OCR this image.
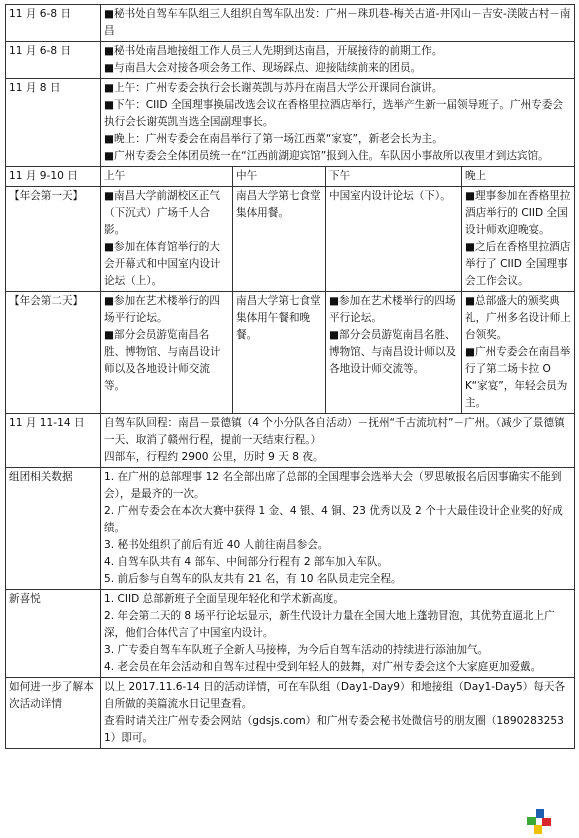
11 月 6-8 日	■秘书处自驾车车队组三人组织自驾车队出发：广州－珠玑巷-梅关古道-井冈山－吉安-渼陂古村－南昌			

11 月 6-8 日	■秘书处南昌地接组工作人员三人先期到达南昌，开展接待的前期工作。
■与南昌大会对接各项会务工作、现场踩点、迎接陆续前来的团员。			

11 月 8 日	■上午：广州专委会执行会长谢英凯与苏丹在南昌大学公开课同台演讲。
■下午：CIID 全国理事换届改选会议在香格里拉酒店举行，选举产生新一届领导班子。广州专委会执行会长谢英凯当选全国副理事长。
■晚上：广州专委会在南昌举行了第一场江西菜“家宴”，新老会长为主。
■广州专委会全体团员统一在“江西前湖迎宾馆”报到入住。车队因小事故所以夜里才到达宾馆。			

11 月 9-10 日	上午	中午	下午	晚上
【年会第一天】	■南昌大学前湖校区正气（下沉式）广场千人合影。
■参加在体育馆举行的大会开幕式和中国室内设计论坛（上）。	南昌大学第七食堂集体用餐。	中国室内设计论坛（下）。	■理事参加在香格里拉酒店举行的 CIID 全国设计师欢迎晚宴。
■之后在香格里拉酒店举行了 CIID 全国理事会工作会议。

【年会第二天】	■参加在艺术楼举行的四场平行论坛。
■部分会员游览南昌名胜、博物馆、与南昌设计师以及各地设计师交流等。	南昌大学第七食堂集体用午餐和晚餐。	■参加在艺术楼举行的四场平行论坛。
■部分会员游览南昌名胜、博物馆、与南昌设计师以及各地设计师交流等。	■总部盛大的颁奖典礼，广州多名设计师上台领奖。
■广州专委会在南昌举行了第二场卡拉 OK“家宴”，年轻会员为主。

11 月 11-14 日	自驾车队回程：南昌－景德镇（4 个小分队各自活动）－抚州“千古流坑村”－广州。（减少了景德镇一天、取消了赣州行程，提前一天结束行程。）
四部车，行程约 2900 公里，历时 9 天 8 夜。			

组团相关数据	1. 在广州的总部理事 12 名全部出席了总部的全国理事会选举大会（罗思敏报名后因事确实不能到会），是最齐的一次。
2. 广州专委会在本次大赛中获得 1 金、4 银、4 铜、23 优秀以及 2 个十大最佳设计企业奖的好成绩。
3. 秘书处组织了前后有近 40 人前往南昌参会。
4. 自驾车队共有 4 部车、中间部分行程有 2 部车加入车队。
5. 前后参与自驾车的队友共有 21 名，有 10 名队员走完全程。			

新喜悦	1. CIID 总部新班子全面呈现年轻化和学术新高度。
2. 年会第二天的 8 场平行论坛显示，新生代设计力量在全国大地上蓬勃冒泡，其优势直逼北上广深，他们合体代言了中国室内设计。
3. 广专委自驾车车队班子全新人马接棒，为今后自驾车活动的持续进行添油加气。
4. 老会员在年会活动和自驾车过程中受到年轻人的鼓舞，对广州专委会这个大家庭更加爱戴。			

如何进一步了解本次活动详情	以上 2017.11.6-14 日的活动详情，可在车队组（Day1-Day9）和地接组（Day1-Day5）每天各自所做的美篇流水日记里查看。
查看时请关注广州专委会网站（gdsjs.com）和广州专委会秘书处微信号的朋友圈（18902832531）即可。			
